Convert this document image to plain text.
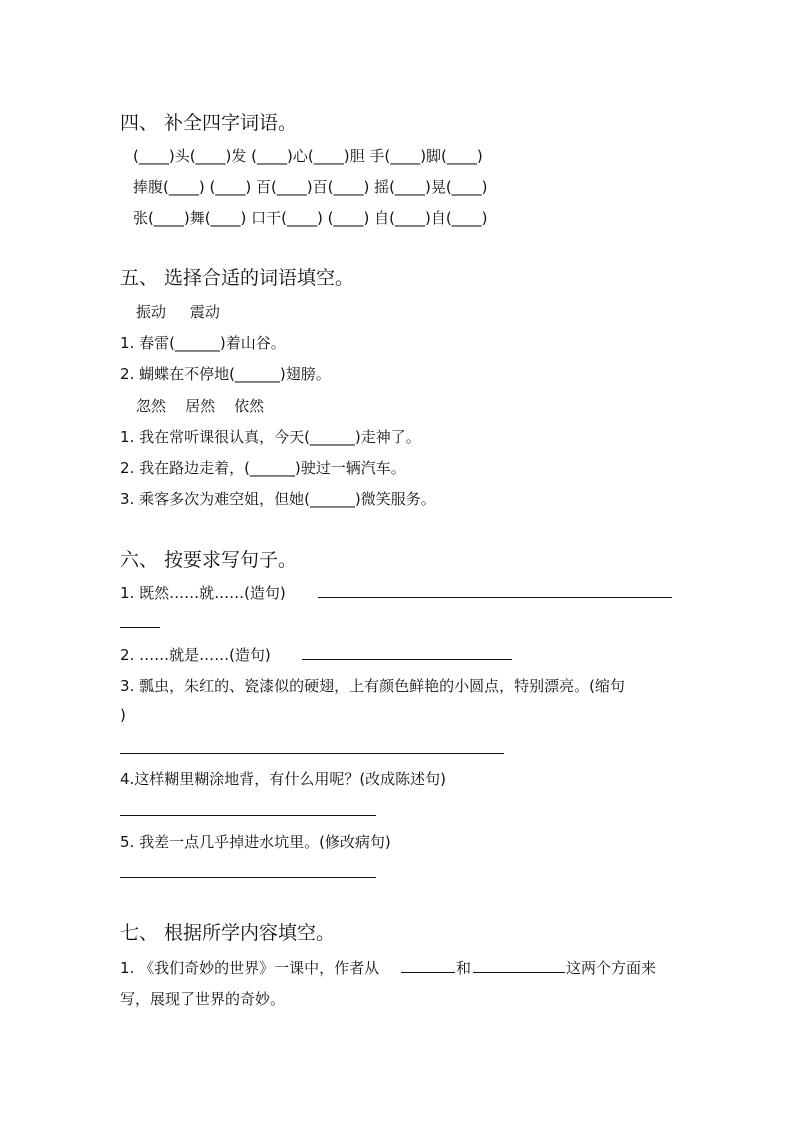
四、 补全四字词语。
(____)头(____)发 (____)心(____)胆 手(____)脚(____)
捧腹(____) (____) 百(____)百(____) 摇(____)晃(____)
张(____)舞(____) 口干(____) (____) 自(____)自(____)
五、 选择合适的词语填空。
振动     震动
1. 春雷(______)着山谷。
2. 蝴蝶在不停地(______)翅膀。
忽然    居然    依然
1. 我在常听课很认真，今天(______)走神了。
2. 我在路边走着，(______)驶过一辆汽车。
3. 乘客多次为难空姐，但她(______)微笑服务。
六、 按要求写句子。
1. 既然……就……(造句)
2. ……就是……(造句)
3. 瓢虫，朱红的、瓷漆似的硬翅，上有颜色鲜艳的小圆点，特别漂亮。(缩句
)
4.这样糊里糊涂地背，有什么用呢？(改成陈述句)
5. 我差一点几乎掉进水坑里。(修改病句)
七、 根据所学内容填空。
1. 《我们奇妙的世界》一课中，作者从	和	这两个方面来
写，展现了世界的奇妙。
